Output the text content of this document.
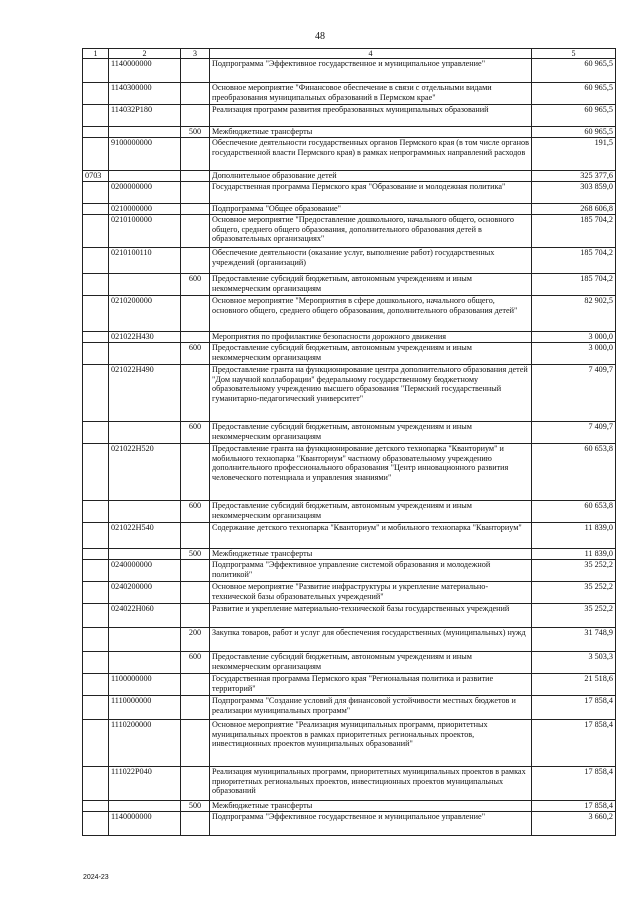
48
1	2	3	4	5
	1140000000		Подпрограмма "Эффективное государственное и муниципальное управление"	60 965,5
	1140300000		Основное мероприятие "Финансовое обеспечение в связи с отдельными видами преобразования муниципальных образований в Пермском крае"	60 965,5
	114032Р180		Реализация программ развития преобразованных муниципальных образований	60 965,5
		500	Межбюджетные трансферты	60 965,5
	9100000000		Обеспечение деятельности государственных органов Пермского края (в том числе органов государственной власти Пермского края) в рамках непрограммных направлений расходов	191,5
0703			Дополнительное образование детей	325 377,6
	0200000000		Государственная программа Пермского края "Образование и молодежная политика"	303 859,0
	0210000000		Подпрограмма "Общее образование"	268 606,8
	0210100000		Основное мероприятие "Предоставление дошкольного, начального общего, основного общего, среднего общего образования, дополнительного образования детей в образовательных организациях"	185 704,2
	0210100110		Обеспечение деятельности (оказание услуг, выполнение работ) государственных учреждений (организаций)	185 704,2
		600	Предоставление субсидий бюджетным, автономным учреждениям и иным некоммерческим организациям	185 704,2
	0210200000		Основное мероприятие "Мероприятия в сфере дошкольного, начального общего, основного общего, среднего общего образования, дополнительного образования детей"	82 902,5
	021022Н430		Мероприятия по профилактике безопасности дорожного движения	3 000,0
		600	Предоставление субсидий бюджетным, автономным учреждениям и иным некоммерческим организациям	3 000,0
	021022Н490		Предоставление гранта на функционирование центра дополнительного образования детей "Дом научной коллаборации" федеральному государственному бюджетному образовательному учреждению высшего образования "Пермский государственный гуманитарно-педагогический университет"	7 409,7
		600	Предоставление субсидий бюджетным, автономным учреждениям и иным некоммерческим организациям	7 409,7
	021022Н520		Предоставление гранта на функционирование детского технопарка "Кванториум" и мобильного технопарка "Кванториум" частному образовательному учреждению дополнительного профессионального образования "Центр инновационного развития человеческого потенциала и управления знаниями"	60 653,8
		600	Предоставление субсидий бюджетным, автономным учреждениям и иным некоммерческим организациям	60 653,8
	021022Н540		Содержание детского технопарка "Кванториум" и мобильного технопарка "Кванториум"	11 839,0
		500	Межбюджетные трансферты	11 839,0
	0240000000		Подпрограмма "Эффективное управление системой образования и молодежной политикой"	35 252,2
	0240200000		Основное мероприятие "Развитие инфраструктуры и укрепление материально-технической базы образовательных учреждений"	35 252,2
	024022Н060		Развитие и укрепление материально-технической базы государственных учреждений	35 252,2
		200	Закупка товаров, работ и услуг для обеспечения государственных (муниципальных) нужд	31 748,9
		600	Предоставление субсидий бюджетным, автономным учреждениям и иным некоммерческим организациям	3 503,3
	1100000000		Государственная программа Пермского края "Региональная политика и развитие территорий"	21 518,6
	1110000000		Подпрограмма "Создание условий для финансовой устойчивости местных бюджетов и реализации муниципальных программ"	17 858,4
	1110200000		Основное мероприятие "Реализация муниципальных программ, приоритетных муниципальных проектов в рамках приоритетных региональных проектов, инвестиционных проектов муниципальных образований"	17 858,4
	111022Р040		Реализация муниципальных программ, приоритетных муниципальных проектов в рамках приоритетных региональных проектов, инвестиционных проектов муниципальных образований	17 858,4
		500	Межбюджетные трансферты	17 858,4
	1140000000		Подпрограмма "Эффективное государственное и муниципальное управление"	3 660,2
2024-23
